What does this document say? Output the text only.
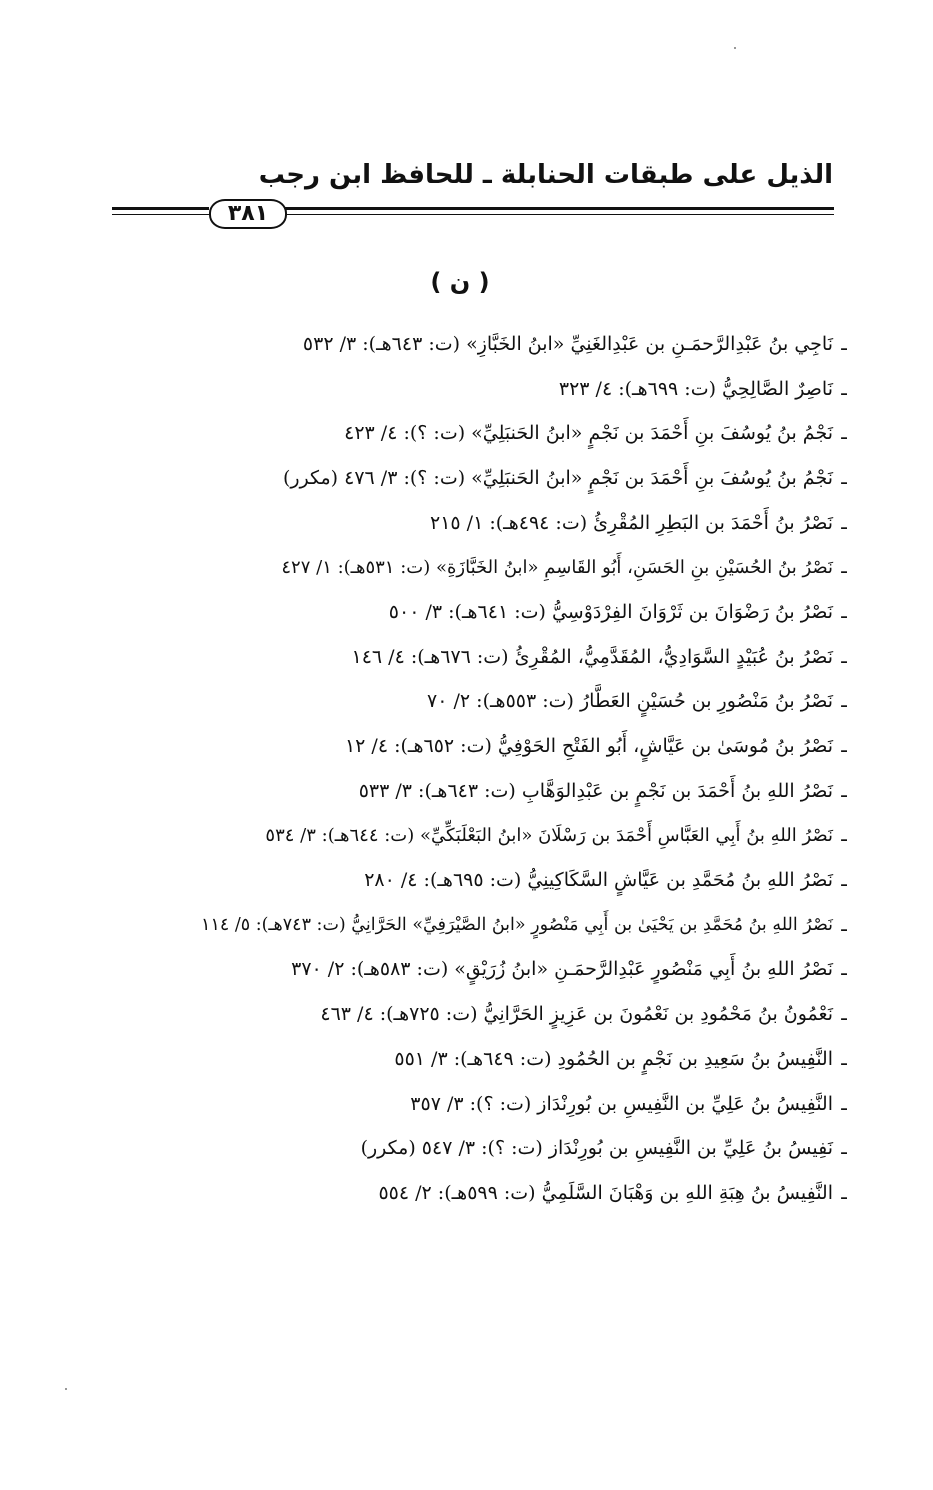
الذيل على طبقات الحنابلة ـ للحافظ ابن رجب
٣٨١
( ن )
ـ
نَاجِي بنُ عَبْدِالرَّحمَـنِ بن عَبْدِالغَنِيِّ «ابنُ الخَبَّازِ» (ت: ٦٤٣هـ): ٣/ ٥٣٢
ـ
نَاصِرٌ الصَّالِحِيُّ (ت: ٦٩٩هـ): ٤/ ٣٢٣
ـ
نَجْمُ بنُ يُوسُفَ بنِ أَحْمَدَ بن نَجْمٍ «ابنُ الحَنبَلِيِّ» (ت: ؟): ٤/ ٤٢٣
ـ
نَجْمُ بنُ يُوسُفَ بنِ أَحْمَدَ بن نَجْمٍ «ابنُ الحَنبَلِيِّ» (ت: ؟): ٣/ ٤٧٦ (مكرر)
ـ
نَصْرُ بنُ أَحْمَدَ بن البَطِرِ المُقْرِئُ (ت: ٤٩٤هـ): ١/ ٢١٥
ـ
نَصْرُ بنُ الحُسَيْنِ بنِ الحَسَنِ، أَبُو القَاسِمِ «ابنُ الخَبَّازَةِ» (ت: ٥٣١هـ): ١/ ٤٢٧
ـ
نَصْرُ بنُ رَضْوَانَ بن ثَرْوَانَ الفِرْدَوْسِيُّ (ت: ٦٤١هـ): ٣/ ٥٠٠
ـ
نَصْرُ بنُ عُبَيْدٍ السَّوَادِيُّ، المُقَدَّمِيُّ، المُقْرِئُ (ت: ٦٧٦هـ): ٤/ ١٤٦
ـ
نَصْرُ بنُ مَنْصُورِ بن حُسَيْنٍ العَطَّارُ (ت: ٥٥٣هـ): ٢/ ٧٠
ـ
نَصْرُ بنُ مُوسَىٰ بن عَيَّاشٍ، أَبُو الفَتْحِ الحَوْفِيُّ (ت: ٦٥٢هـ): ٤/ ١٢
ـ
نَصْرُ اللهِ بنُ أَحْمَدَ بن نَجْمٍ بن عَبْدِالوَهَّابِ (ت: ٦٤٣هـ): ٣/ ٥٣٣
ـ
نَصْرُ اللهِ بنُ أَبِي العَبَّاسِ أَحْمَدَ بن رَسْلَانَ «ابنُ البَعْلَبَكِّيِّ» (ت: ٦٤٤هـ): ٣/ ٥٣٤
ـ
نَصْرُ اللهِ بنُ مُحَمَّدِ بن عَيَّاشٍ السَّكَاكِينِيُّ (ت: ٦٩٥هـ): ٤/ ٢٨٠
ـ
نَصْرُ اللهِ بنُ مُحَمَّدِ بن يَحْيَىٰ بن أَبِي مَنْصُورٍ «ابنُ الصَّيْرَفِيِّ» الحَرَّانِيُّ (ت: ٧٤٣هـ): ٥/ ١١٤
ـ
نَصْرُ اللهِ بنُ أَبِي مَنْصُورٍ عَبْدِالرَّحمَـنِ «ابنُ زُرَيْقٍ» (ت: ٥٨٣هـ): ٢/ ٣٧٠
ـ
نَعْمُونُ بنُ مَحْمُودِ بن نَعْمُونَ بن عَزِيزٍ الحَرَّانِيُّ (ت: ٧٢٥هـ): ٤/ ٤٦٣
ـ
النَّفِيسُ بنُ سَعِيدِ بن نَجْمٍ بن الحُمُودِ (ت: ٦٤٩هـ): ٣/ ٥٥١
ـ
النَّفِيسُ بنُ عَلِيِّ بن النَّفِيسِ بن بُورِنْدَاز (ت: ؟): ٣/ ٣٥٧
ـ
نَفِيسُ بنُ عَلِيِّ بن النَّفِيسِ بن بُورِنْدَاز (ت: ؟): ٣/ ٥٤٧ (مكرر)
ـ
النَّفِيسُ بنُ هِبَةِ اللهِ بن وَهْبَانَ السَّلَمِيُّ (ت: ٥٩٩هـ): ٢/ ٥٥٤
